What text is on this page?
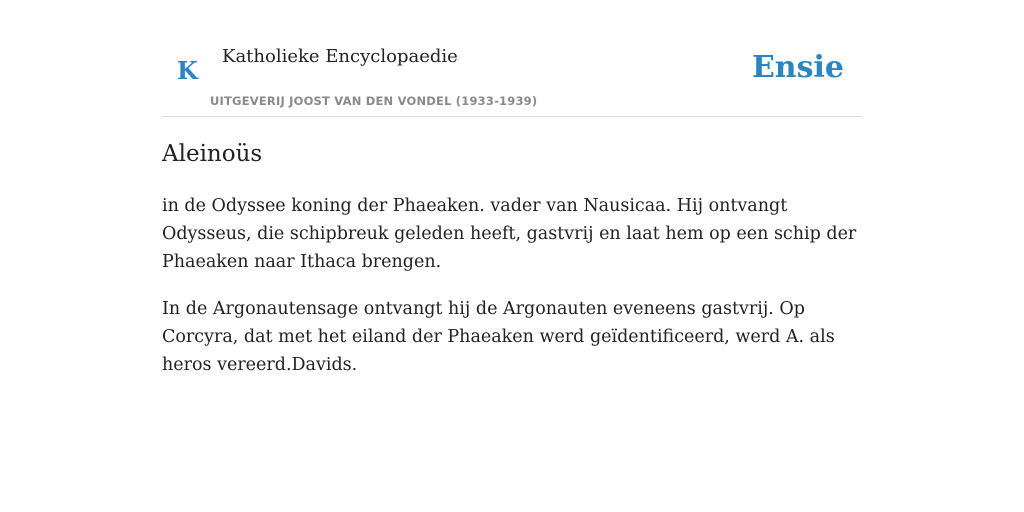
K Katholieke Encyclopaedie
UITGEVERIJ JOOST VAN DEN VONDEL (1933-1939)
Ensie
Aleinoüs

in de Odyssee koning der Phaeaken. vader van Nausicaa. Hij ontvangt Odysseus, die schipbreuk geleden heeft, gastvrij en laat hem op een schip der Phaeaken naar Ithaca brengen.

In de Argonautensage ontvangt hij de Argonauten eveneens gastvrij. Op Corcyra, dat met het eiland der Phaeaken werd geïdentificeerd, werd A. als heros vereerd.Davids.
